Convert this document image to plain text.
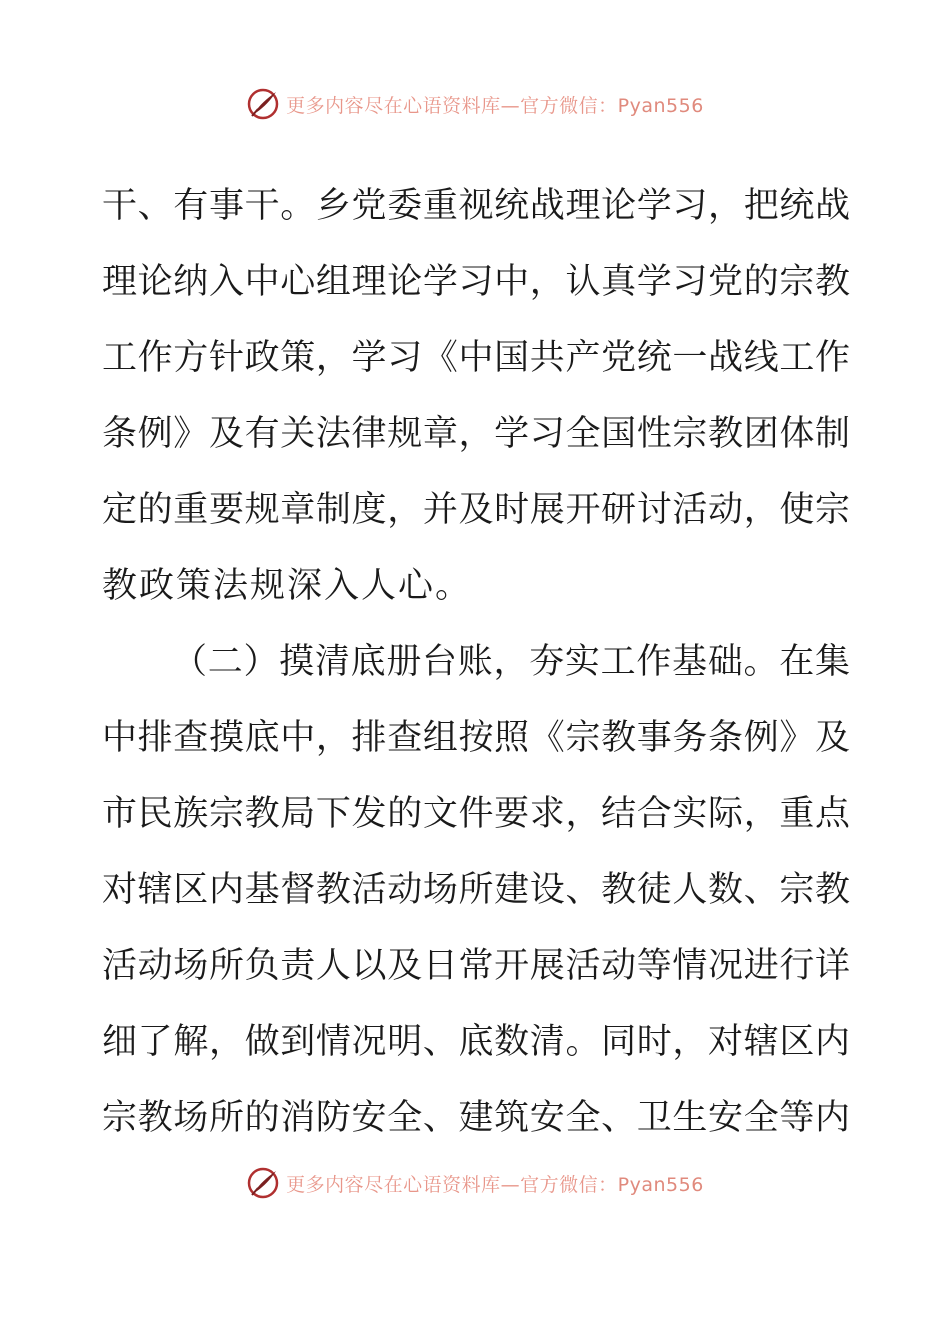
更多内容尽在心语资料库—官方微信：Pyan556
干、有事干。乡党委重视统战理论学习，把统战
理论纳入中心组理论学习中，认真学习党的宗教
工作方针政策，学习《中国共产党统一战线工作
条例》及有关法律规章，学习全国性宗教团体制
定的重要规章制度，并及时展开研讨活动，使宗
教政策法规深入人心。
（二）摸清底册台账，夯实工作基础。在集
中排查摸底中，排查组按照《宗教事务条例》及
市民族宗教局下发的文件要求，结合实际，重点
对辖区内基督教活动场所建设、教徒人数、宗教
活动场所负责人以及日常开展活动等情况进行详
细了解，做到情况明、底数清。同时，对辖区内
宗教场所的消防安全、建筑安全、卫生安全等内
更多内容尽在心语资料库—官方微信：Pyan556
